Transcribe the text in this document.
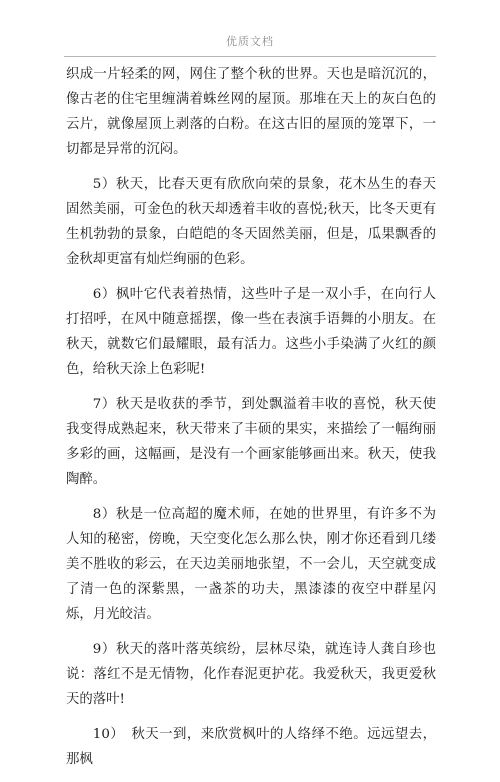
优质文档

织成一片轻柔的网，网住了整个秋的世界。天也是暗沉沉的，像古老的住宅里缠满着蛛丝网的屋顶。那堆在天上的灰白色的云片，就像屋顶上剥落的白粉。在这古旧的屋顶的笼罩下，一切都是异常的沉闷。

5）秋天，比春天更有欣欣向荣的景象，花木丛生的春天固然美丽，可金色的秋天却透着丰收的喜悦;秋天，比冬天更有生机勃勃的景象，白皑皑的冬天固然美丽，但是，瓜果飘香的金秋却更富有灿烂绚丽的色彩。

6）枫叶它代表着热情，这些叶子是一双小手，在向行人打招呼，在风中随意摇摆，像一些在表演手语舞的小朋友。在秋天，就数它们最耀眼，最有活力。这些小手染满了火红的颜色，给秋天涂上色彩呢!

7）秋天是收获的季节，到处飘溢着丰收的喜悦，秋天使我变得成熟起来，秋天带来了丰硕的果实，来描绘了一幅绚丽多彩的画，这幅画，是没有一个画家能够画出来。秋天，使我陶醉。

8）秋是一位高超的魔术师，在她的世界里，有许多不为人知的秘密，傍晚，天空变化怎么那么快，刚才你还看到几缕美不胜收的彩云，在天边美丽地张望，不一会儿，天空就变成了清一色的深紫黑，一盏茶的功夫，黑漆漆的夜空中群星闪烁，月光皎洁。

9）秋天的落叶落英缤纷，层林尽染，就连诗人龚自珍也说：落红不是无情物，化作春泥更护花。我爱秋天，我更爱秋天的落叶!

10）　秋天一到，来欣赏枫叶的人络绎不绝。远远望去，那枫
